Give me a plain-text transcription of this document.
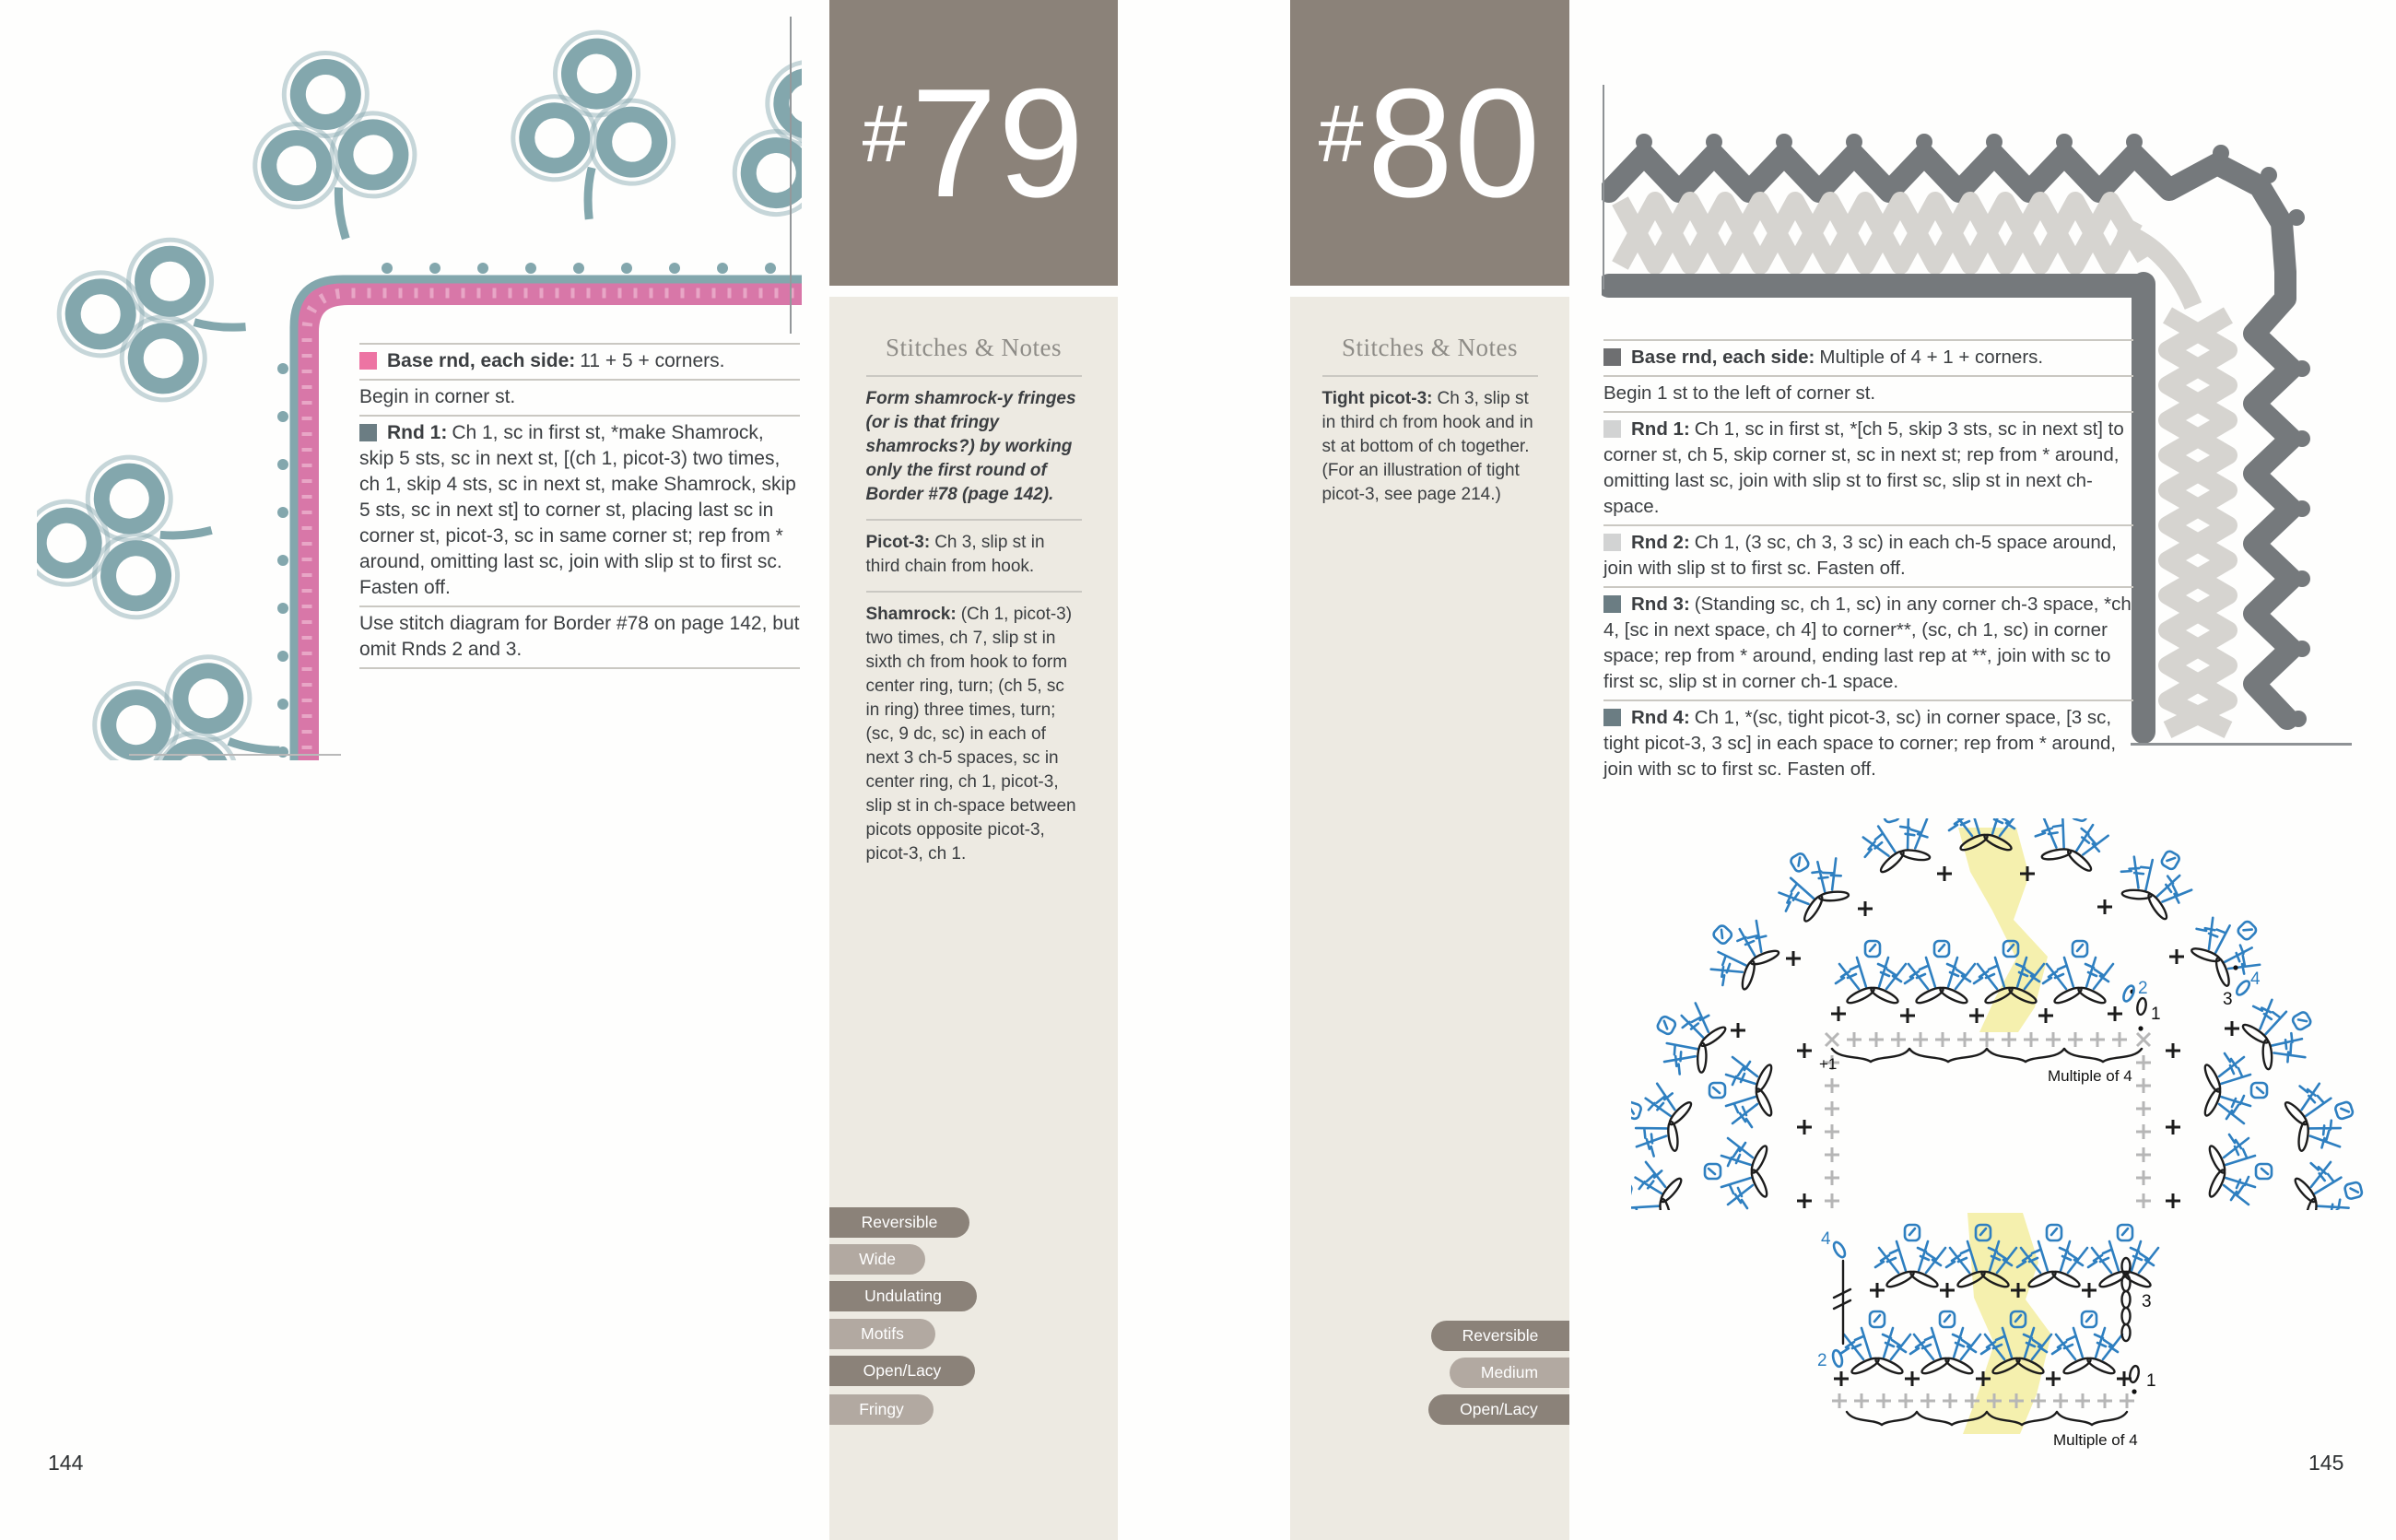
Base rnd, each side: 11 + 5 + corners.
Begin in corner st.
Rnd 1: Ch 1, sc in first st, *make Shamrock, skip 5 sts, sc in next st, [(ch 1, picot-3) two times, ch 1, skip 4 sts, sc in next st, make Shamrock, skip 5 sts, sc in next st] to corner st, placing last sc in corner st, picot-3, sc in same corner st; rep from * around, omitting last sc, join with slip st to first sc. Fasten off.
Use stitch diagram for Border #78 on page 142, but omit Rnds 2 and 3.
144
# 79
Stitches & Notes
Form shamrock-y fringes (or is that fringy shamrocks?) by working only the first round of Border #78 (page 142).
Picot-3: Ch 3, slip st in third chain from hook.
Shamrock: (Ch 1, picot-3) two times, ch 7, slip st in sixth ch from hook to form center ring, turn; (ch 5, sc in ring) three times, turn; (sc, 9 dc, sc) in each of next 3 ch-5 spaces, sc in center ring, ch 1, picot-3, slip st in ch-space between picots opposite picot-3, picot-3, ch 1.
Reversible
Wide
Undulating
Motifs
Open/Lacy
Fringy
# 80
Stitches & Notes
Tight picot-3: Ch 3, slip st in third ch from hook and in st at bottom of ch together. (For an illustration of tight picot-3, see page 214.)
Reversible
Medium
Open/Lacy
Base rnd, each side: Multiple of 4 + 1 + corners.
Begin 1 st to the left of corner st.
Rnd 1: Ch 1, sc in first st, *[ch 5, skip 3 sts, sc in next st] to corner st, ch 5, skip corner st, sc in next st; rep from * around, omitting last sc, join with slip st to first sc, slip st in next ch-space.
Rnd 2: Ch 1, (3 sc, ch 3, 3 sc) in each ch-5 space around, join with slip st to first sc. Fasten off.
Rnd 3: (Standing sc, ch 1, sc) in any corner ch-3 space, *ch 4, [sc in next space, ch 4] to corner**, (sc, ch 1, sc) in corner space; rep from * around, ending last rep at **, join with sc to first sc, slip st in corner ch-1 space.
Rnd 4: Ch 1, *(sc, tight picot-3, sc) in corner space, [3 sc, tight picot-3, 3 sc] in each space to corner; rep from * around, join with sc to first sc. Fasten off.
Multiple of 4
+1
1
2
3
4
4
2
3
1
Multiple of 4
145
